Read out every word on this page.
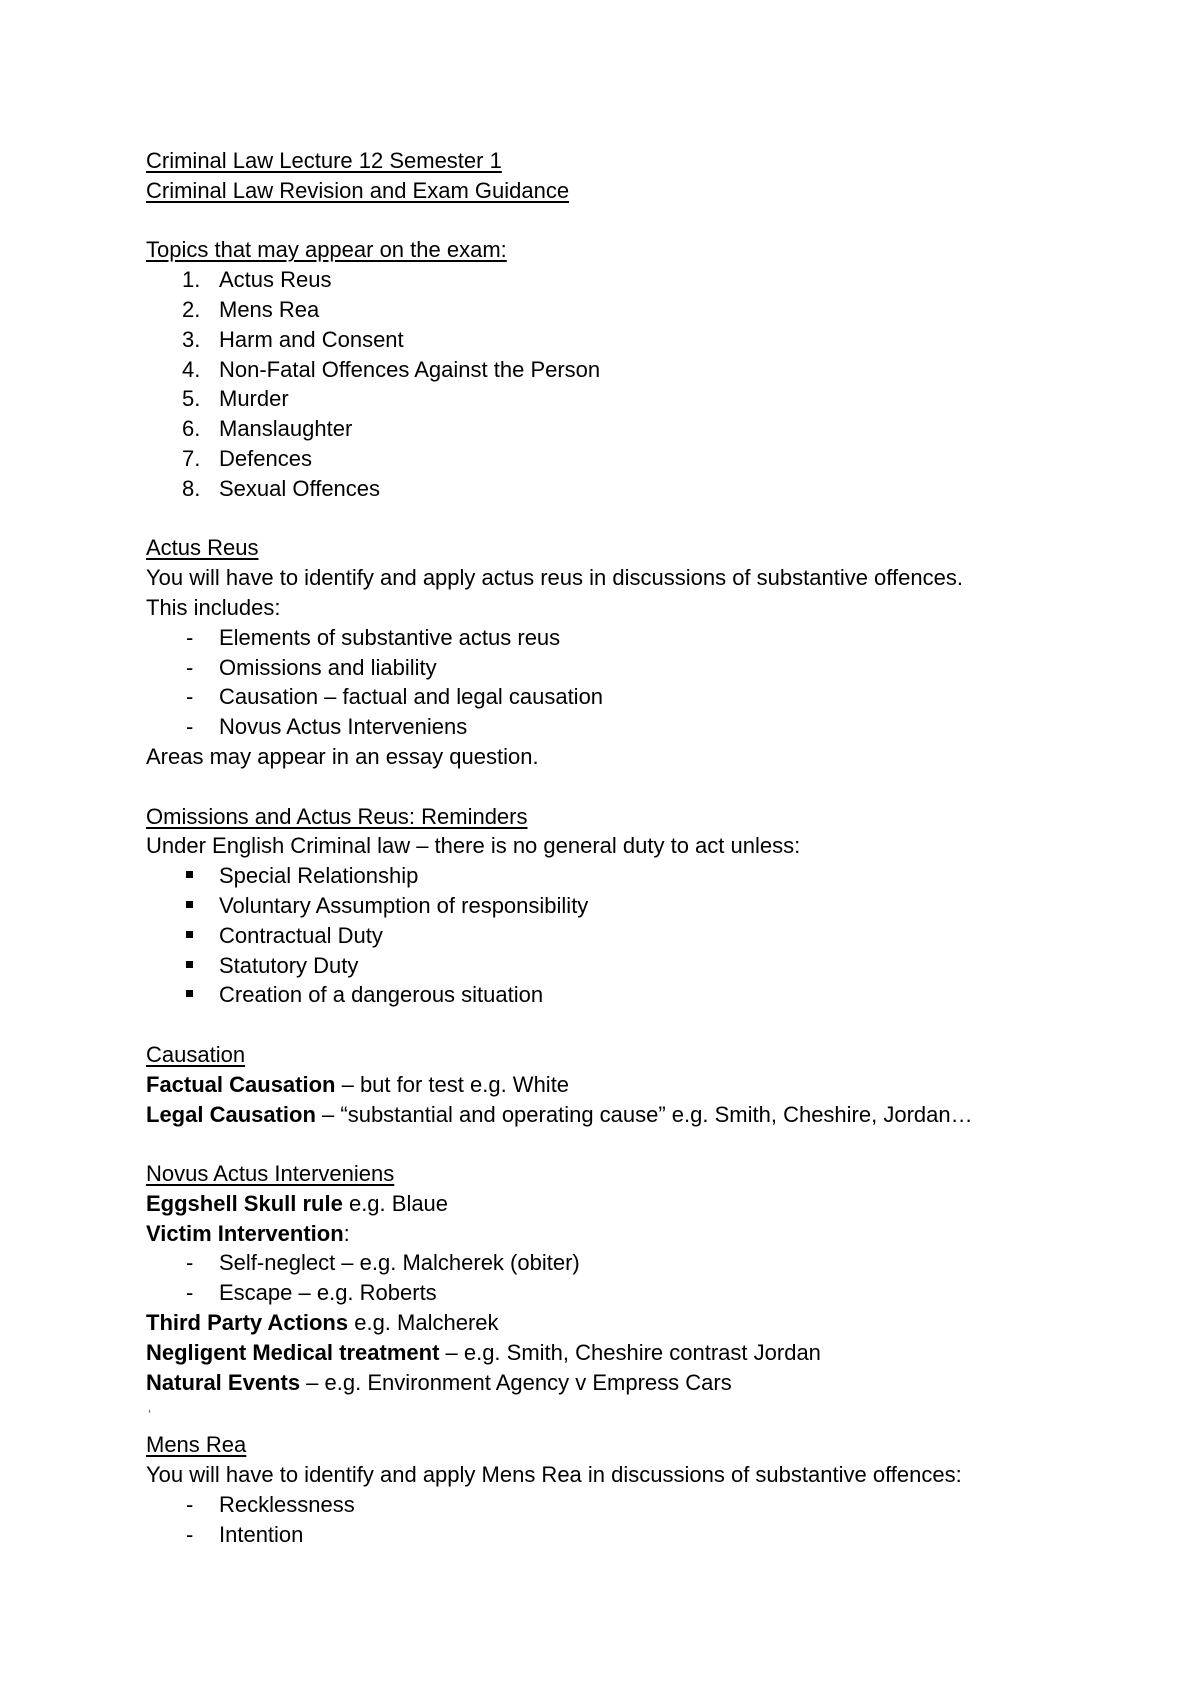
Criminal Law Lecture 12 Semester 1
Criminal Law Revision and Exam Guidance
Topics that may appear on the exam:
1. Actus Reus
2. Mens Rea
3. Harm and Consent
4. Non-Fatal Offences Against the Person
5. Murder
6. Manslaughter
7. Defences
8. Sexual Offences
Actus Reus
You will have to identify and apply actus reus in discussions of substantive offences.
This includes:
-	Elements of substantive actus reus
-	Omissions and liability
-	Causation – factual and legal causation
-	Novus Actus Interveniens
Areas may appear in an essay question.
Omissions and Actus Reus: Reminders
Under English Criminal law – there is no general duty to act unless:
Special Relationship
Voluntary Assumption of responsibility
Contractual Duty
Statutory Duty
Creation of a dangerous situation
Causation
Factual Causation – but for test e.g. White
Legal Causation – “substantial and operating cause” e.g. Smith, Cheshire, Jordan…
Novus Actus Interveniens
Eggshell Skull rule e.g. Blaue
Victim Intervention:
-	Self-neglect – e.g. Malcherek (obiter)
-	Escape – e.g. Roberts
Third Party Actions e.g. Malcherek
Negligent Medical treatment – e.g. Smith, Cheshire contrast Jordan
Natural Events – e.g. Environment Agency v Empress Cars
‘
Mens Rea
You will have to identify and apply Mens Rea in discussions of substantive offences:
-	Recklessness
-	Intention
